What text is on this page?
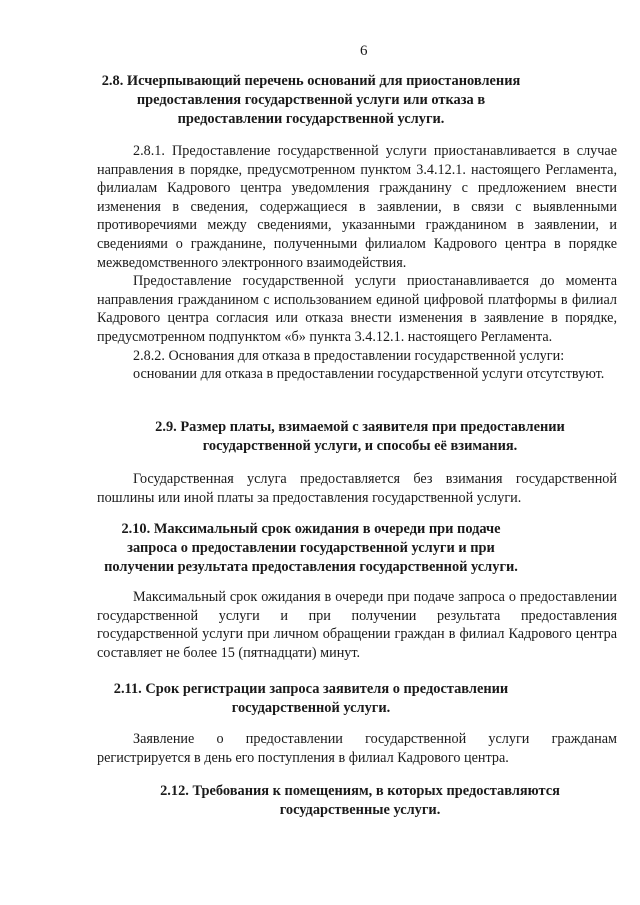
6
2.8. Исчерпывающий перечень оснований для приостановления предоставления государственной услуги или отказа в предоставлении государственной услуги.

2.8.1. Предоставление государственной услуги приостанавливается в случае направления в порядке, предусмотренном пунктом 3.4.12.1. настоящего Регламента, филиалам Кадрового центра уведомления гражданину с предложением внести изменения в сведения, содержащиеся в заявлении, в связи с выявленными противоречиями между сведениями, указанными гражданином в заявлении, и сведениями о гражданине, полученными филиалом Кадрового центра в порядке межведомственного электронного взаимодействия.

Предоставление государственной услуги приостанавливается до момента направления гражданином с использованием единой цифровой платформы в филиал Кадрового центра согласия или отказа внести изменения в заявление в порядке, предусмотренном подпунктом «б» пункта 3.4.12.1. настоящего Регламента.

2.8.2. Основания для отказа в предоставлении государственной услуги:

основании для отказа в предоставлении государственной услуги отсутствуют.

2.9. Размер платы, взимаемой с заявителя при предоставлении государственной услуги, и способы её взимания.

Государственная услуга предоставляется без взимания государственной пошлины или иной платы за предоставления государственной услуги.

2.10. Максимальный срок ожидания в очереди при подаче запроса о предоставлении государственной услуги и при получении результата предоставления государственной услуги.

Максимальный срок ожидания в очереди при подаче запроса о предоставлении государственной услуги и при получении результата предоставления государственной услуги при личном обращении граждан в филиал Кадрового центра составляет не более 15 (пятнадцати) минут.

2.11. Срок регистрации запроса заявителя о предоставлении государственной услуги.

Заявление о предоставлении государственной услуги гражданам регистрируется в день его поступления в филиал Кадрового центра.

2.12. Требования к помещениям, в которых предоставляются государственные услуги.
